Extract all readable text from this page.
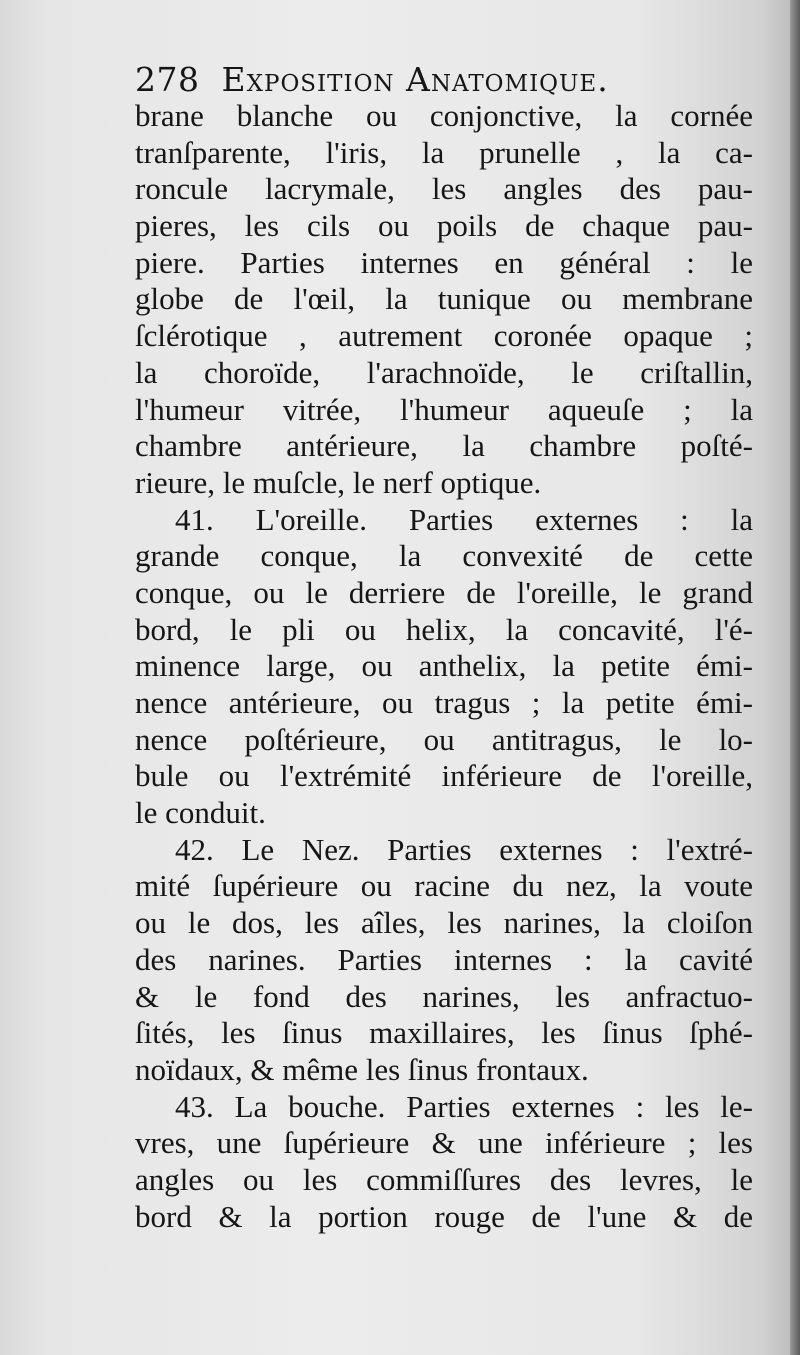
278 Exposition Anatomique.
brane blanche ou conjonctive, la cornée
tranſparente, l'iris, la prunelle , la ca-
roncule lacrymale, les angles des pau-
pieres, les cils ou poils de chaque pau-
piere. Parties internes en général : le
globe de l'œil, la tunique ou membrane
ſclérotique , autrement coronée opaque ;
la choroïde, l'arachnoïde, le criſtallin,
l'humeur vitrée, l'humeur aqueuſe ; la
chambre antérieure, la chambre poſté-
rieure, le muſcle, le nerf optique.
41. L'oreille. Parties externes : la
grande conque, la convexité de cette
conque, ou le derriere de l'oreille, le grand
bord, le pli ou helix, la concavité, l'é-
minence large, ou anthelix, la petite émi-
nence antérieure, ou tragus ; la petite émi-
nence poſtérieure, ou antitragus, le lo-
bule ou l'extrémité inférieure de l'oreille,
le conduit.
42. Le Nez. Parties externes : l'extré-
mité ſupérieure ou racine du nez, la voute
ou le dos, les aîles, les narines, la cloiſon
des narines. Parties internes : la cavité
& le fond des narines, les anfractuo-
ſités, les ſinus maxillaires, les ſinus ſphé-
noïdaux, & même les ſinus frontaux.
43. La bouche. Parties externes : les le-
vres, une ſupérieure & une inférieure ; les
angles ou les commiſſures des levres, le
bord & la portion rouge de l'une & de
